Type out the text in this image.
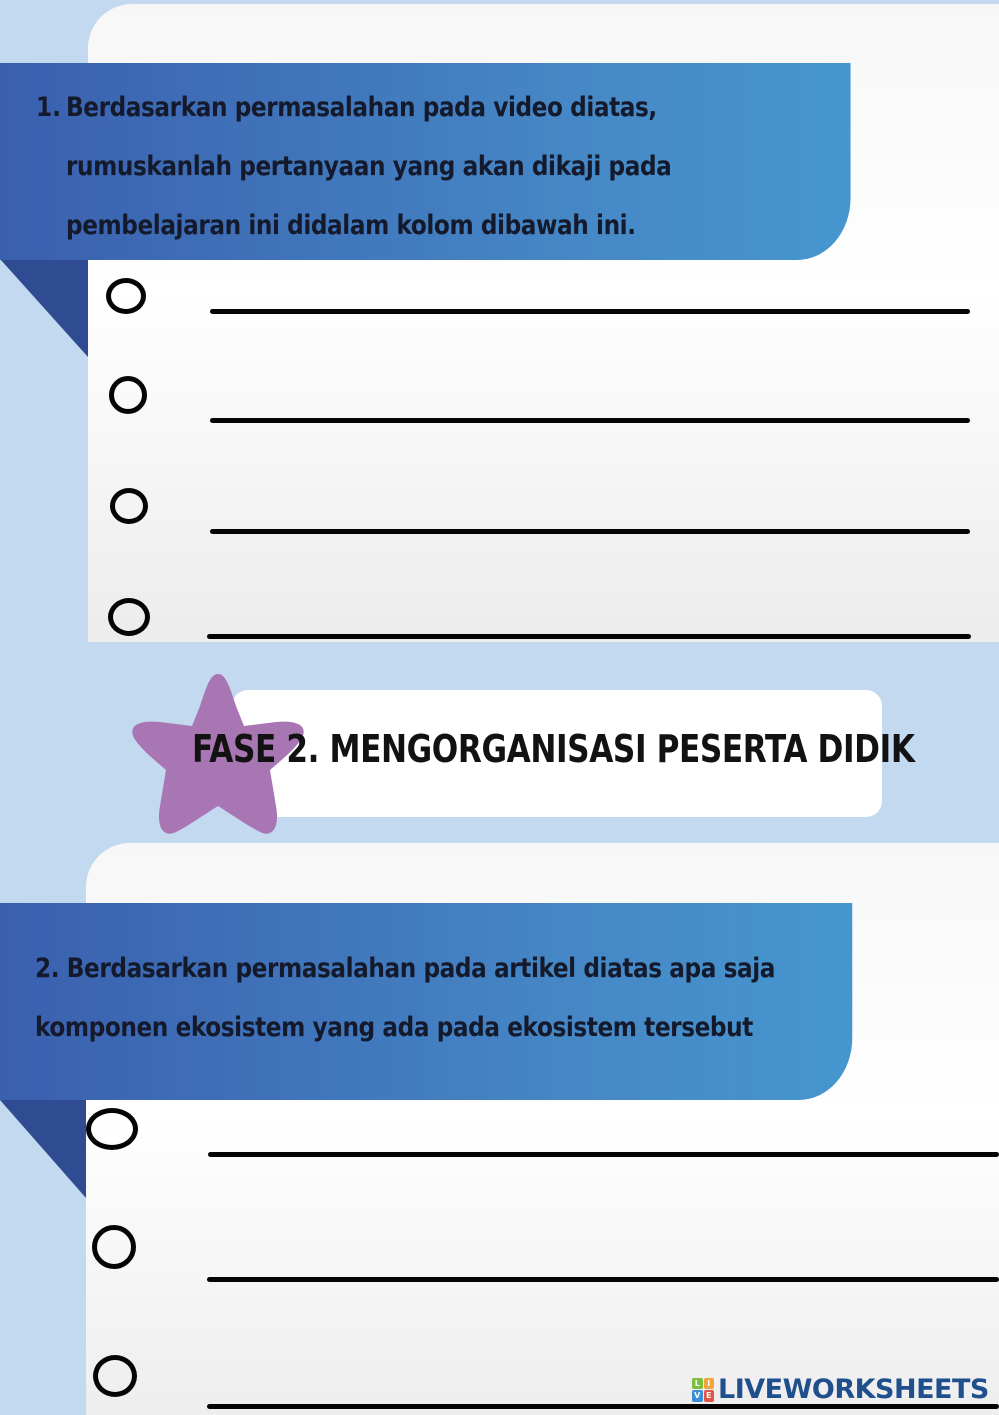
1. Berdasarkan permasalahan pada video diatas,
rumuskanlah pertanyaan yang akan dikaji pada
pembelajaran ini didalam kolom dibawah ini.
FASE 2. MENGORGANISASI PESERTA DIDIK
2. Berdasarkan permasalahan pada artikel diatas apa saja
komponen ekosistem yang ada pada ekosistem tersebut
L I
V E LIVEWORKSHEETS
